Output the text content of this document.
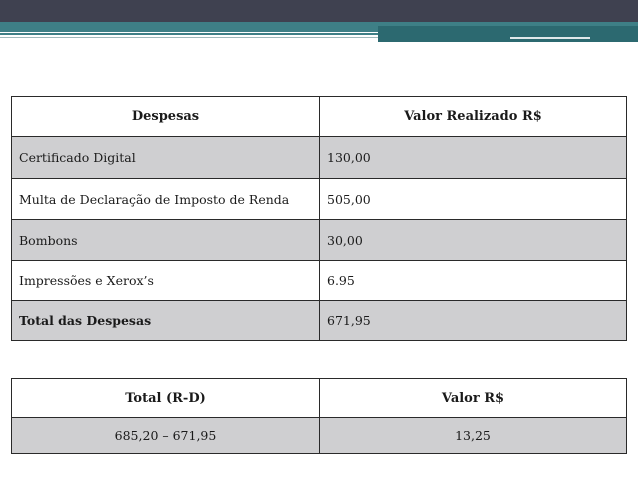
Despesas	Valor Realizado R$
Certificado Digital	130,00
Multa de Declaração de Imposto de Renda	505,00
Bombons	30,00
Impressões e Xerox’s	6.95
Total das Despesas	671,95
Total (R-D)	Valor R$
685,20 – 671,95	13,25
